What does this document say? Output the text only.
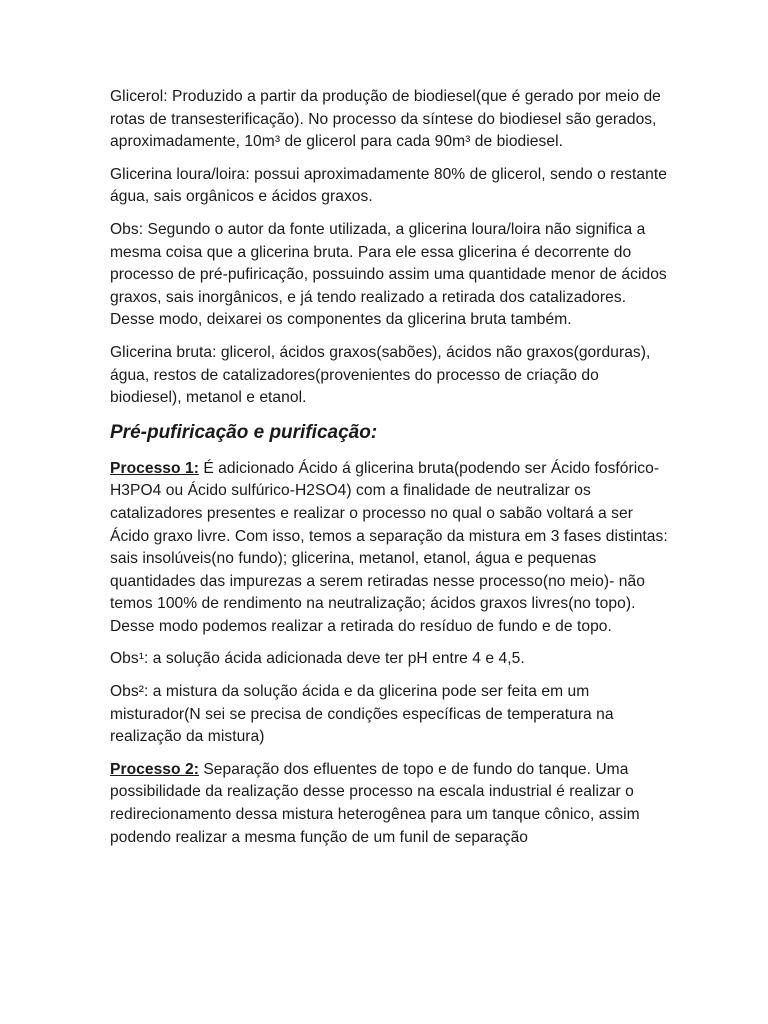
Glicerol: Produzido a partir da produção de biodiesel(que é gerado por meio de rotas de transesterificação). No processo da síntese do biodiesel são gerados, aproximadamente, 10m³ de glicerol para cada 90m³ de biodiesel.

Glicerina loura/loira: possui aproximadamente 80% de glicerol, sendo o restante água, sais orgânicos e ácidos graxos.

Obs: Segundo o autor da fonte utilizada, a glicerina loura/loira não significa a mesma coisa que a glicerina bruta. Para ele essa glicerina é decorrente do processo de pré-pufiricação, possuindo assim uma quantidade menor de ácidos graxos, sais inorgânicos, e já tendo realizado a retirada dos catalizadores. Desse modo, deixarei os componentes da glicerina bruta também.

Glicerina bruta: glicerol, ácidos graxos(sabões), ácidos não graxos(gorduras), água, restos de catalizadores(provenientes do processo de criação do biodiesel), metanol e etanol.

Pré-pufiricação e purificação:

Processo 1: É adicionado Ácido á glicerina bruta(podendo ser Ácido fosfórico-H3PO4 ou Ácido sulfúrico-H2SO4) com a finalidade de neutralizar os catalizadores presentes e realizar o processo no qual o sabão voltará a ser Ácido graxo livre. Com isso, temos a separação da mistura em 3 fases distintas: sais insolúveis(no fundo); glicerina, metanol, etanol, água e pequenas quantidades das impurezas a serem retiradas nesse processo(no meio)- não temos 100% de rendimento na neutralização; ácidos graxos livres(no topo). Desse modo podemos realizar a retirada do resíduo de fundo e de topo.

Obs¹: a solução ácida adicionada deve ter pH entre 4 e 4,5.

Obs²: a mistura da solução ácida e da glicerina pode ser feita em um misturador(N sei se precisa de condições específicas de temperatura na realização da mistura)

Processo 2: Separação dos efluentes de topo e de fundo do tanque. Uma possibilidade da realização desse processo na escala industrial é realizar o redirecionamento dessa mistura heterogênea para um tanque cônico, assim podendo realizar a mesma função de um funil de separação
